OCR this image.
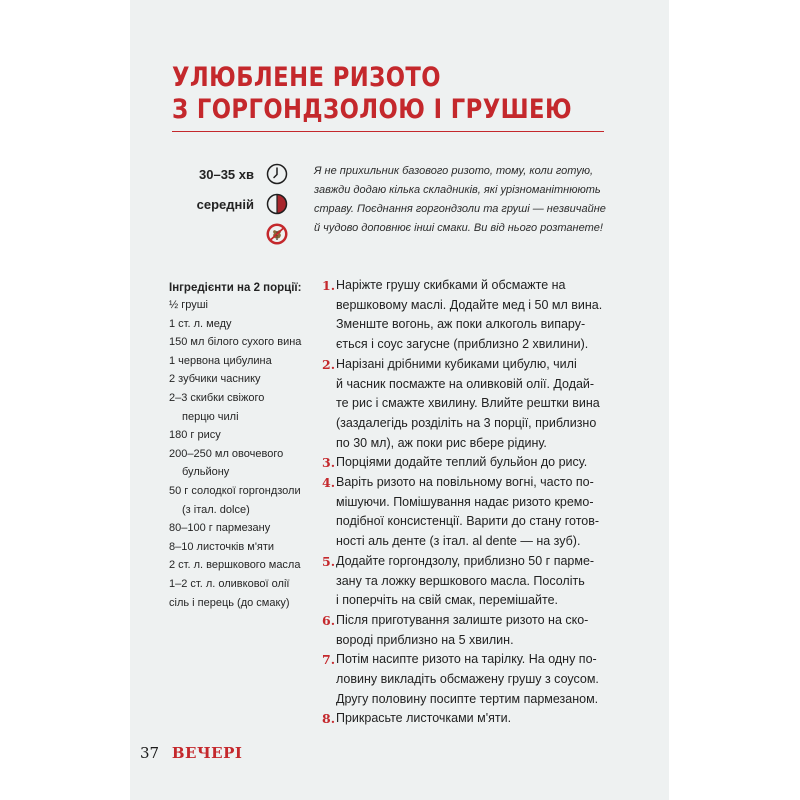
УЛЮБЛЕНЕ РИЗОТО
З ГОРГОНДЗОЛОЮ І ГРУШЕЮ
30–35 хв
середній

Я не прихильник базового ризото, тому, коли готую,
завжди додаю кілька складників, які урізноманітнюють
страву. Поєднання горгондзоли та груші — незвичайне
й чудово доповнює інші смаки. Ви від нього розтанете!

Інгредієнти на 2 порції:
½ груші
1 ст. л. меду
150 мл білого сухого вина
1 червона цибулина
2 зубчики часнику
2–3 скибки свіжого
перцю чилі
180 г рису
200–250 мл овочевого
бульйону
50 г солодкої горгондзоли
(з італ. dolce)
80–100 г пармезану
8–10 листочків м'яти
2 ст. л. вершкового масла
1–2 ст. л. оливкової олії
сіль і перець (до смаку)
1. Наріжте грушу скибками й обсмажте на
вершковому маслі. Додайте мед і 50 мл вина.
Зменште вогонь, аж поки алкоголь випару-
ється і соус загусне (приблизно 2 хвилини).
2. Нарізані дрібними кубиками цибулю, чилі
й часник посмажте на оливковій олії. Додай-
те рис і смажте хвилину. Влийте рештки вина
(заздалегідь розділіть на 3 порції, приблизно
по 30 мл), аж поки рис вбере рідину.
3. Порціями додайте теплий бульйон до рису.
4. Варіть ризото на повільному вогні, часто по-
мішуючи. Помішування надає ризото кремо-
подібної консистенції. Варити до стану готов-
ності аль денте (з італ. al dente — на зуб).
5. Додайте горгондзолу, приблизно 50 г парме-
зану та ложку вершкового масла. Посоліть
і поперчіть на свій смак, перемішайте.
6. Після приготування залиште ризото на ско-
вороді приблизно на 5 хвилин.
7. Потім насипте ризото на тарілку. На одну по-
ловину викладіть обсмажену грушу з соусом.
Другу половину посипте тертим пармезаном.
8. Прикрасьте листочками м'яти.
37 ВЕЧЕРІ
